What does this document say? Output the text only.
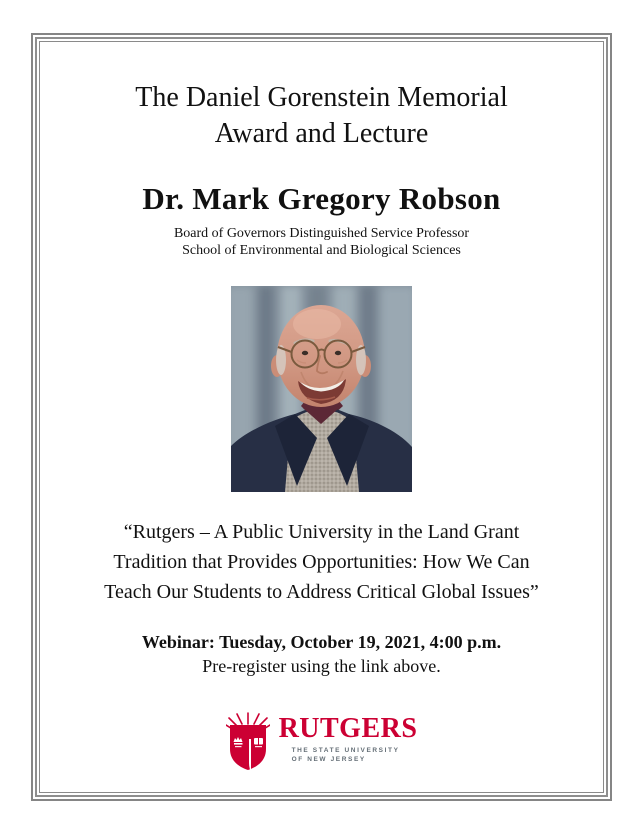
The Daniel Gorenstein Memorial
Award and Lecture
Dr. Mark Gregory Robson
Board of Governors Distinguished Service Professor
School of Environmental and Biological Sciences
“Rutgers – A Public University in the Land Grant
Tradition that Provides Opportunities: How We Can
Teach Our Students to Address Critical Global Issues”
Webinar: Tuesday, October 19, 2021, 4:00 p.m.
Pre-register using the link above.
RUTGERS
THE STATE UNIVERSITY
OF NEW JERSEY
